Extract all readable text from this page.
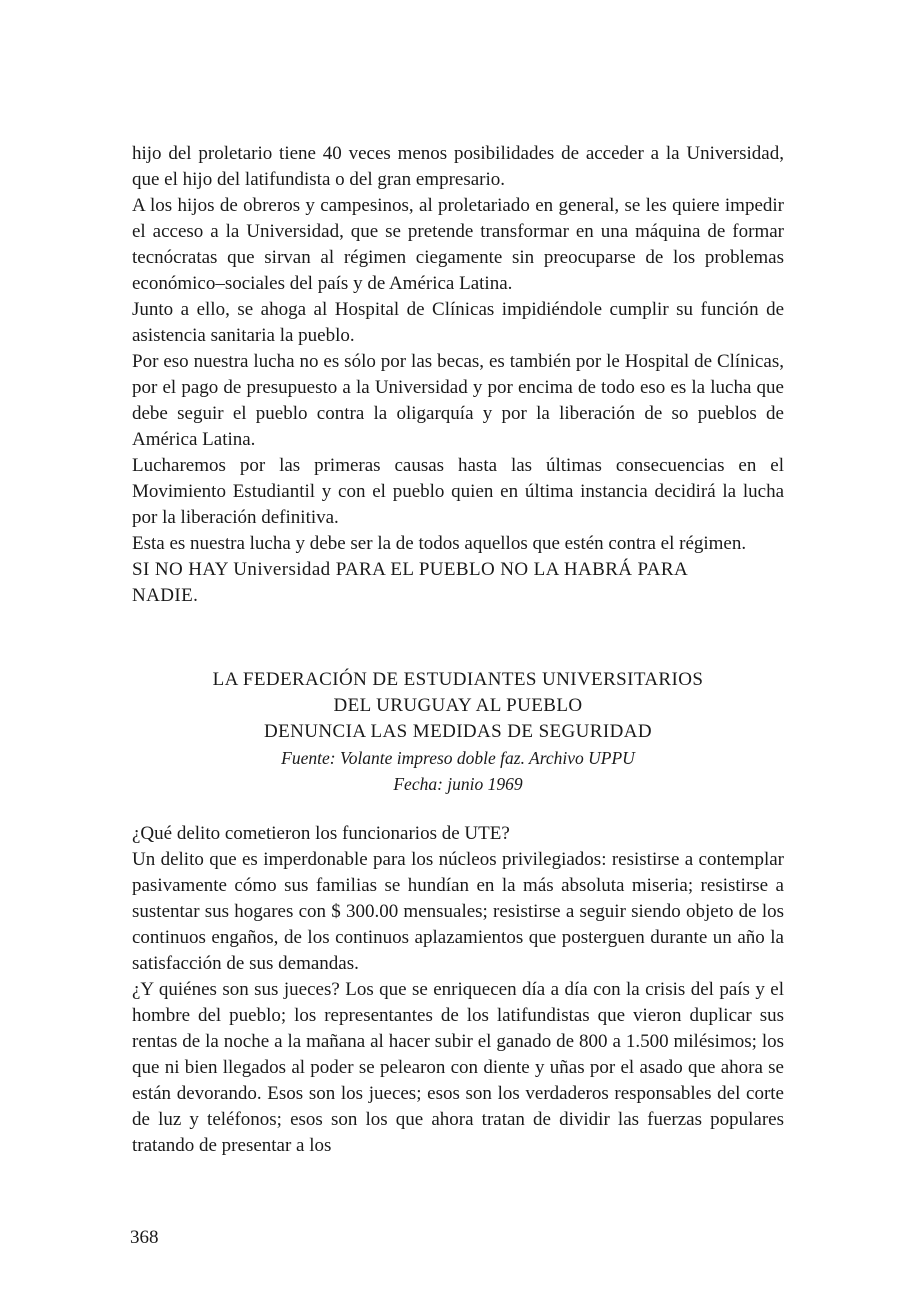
hijo del proletario tiene 40 veces menos posibilidades de acceder a la Universidad, que el hijo del latifundista o del gran empresario.

A los hijos de obreros y campesinos, al proletariado en general, se les quiere impedir el acceso a la Universidad, que se pretende transformar en una máquina de formar tecnócratas que sirvan al régimen ciegamente sin preocuparse de los problemas económico–sociales del país y de América Latina.

Junto a ello, se ahoga al Hospital de Clínicas impidiéndole cumplir su función de asistencia sanitaria la pueblo.

Por eso nuestra lucha no es sólo por las becas, es también por le Hospital de Clínicas, por el pago de presupuesto a la Universidad y por encima de todo eso es la lucha que debe seguir el pueblo contra la oligarquía y por la liberación de so pueblos de América Latina.

Lucharemos por las primeras causas hasta las últimas consecuencias en el Movimiento Estudiantil y con el pueblo quien en última instancia decidirá la lucha por la liberación definitiva.

Esta es nuestra lucha y debe ser la de todos aquellos que estén contra el régimen.

SI NO HAY Universidad PARA EL PUEBLO NO LA HABRÁ PARA

NADIE.

LA FEDERACIÓN DE ESTUDIANTES UNIVERSITARIOS

DEL URUGUAY AL PUEBLO

DENUNCIA LAS MEDIDAS DE SEGURIDAD

Fuente: Volante impreso doble faz. Archivo UPPU

Fecha: junio 1969

¿Qué delito cometieron los funcionarios de UTE?

Un delito que es imperdonable para los núcleos privilegiados: resistirse a contemplar pasivamente cómo sus familias se hundían en la más absoluta miseria; resistirse a sustentar sus hogares con $ 300.00 mensuales; resistirse a seguir siendo objeto de los continuos engaños, de los continuos aplazamientos que posterguen durante un año la satisfacción de sus demandas.

¿Y quiénes son sus jueces? Los que se enriquecen día a día con la crisis del país y el hombre del pueblo; los representantes de los latifundistas que vieron duplicar sus rentas de la noche a la mañana al hacer subir el ganado de 800 a 1.500 milésimos; los que ni bien llegados al poder se pelearon con diente y uñas por el asado que ahora se están devorando. Esos son los jueces; esos son los verdaderos responsables del corte de luz y teléfonos; esos son los que ahora tratan de dividir las fuerzas populares tratando de presentar a los

368
